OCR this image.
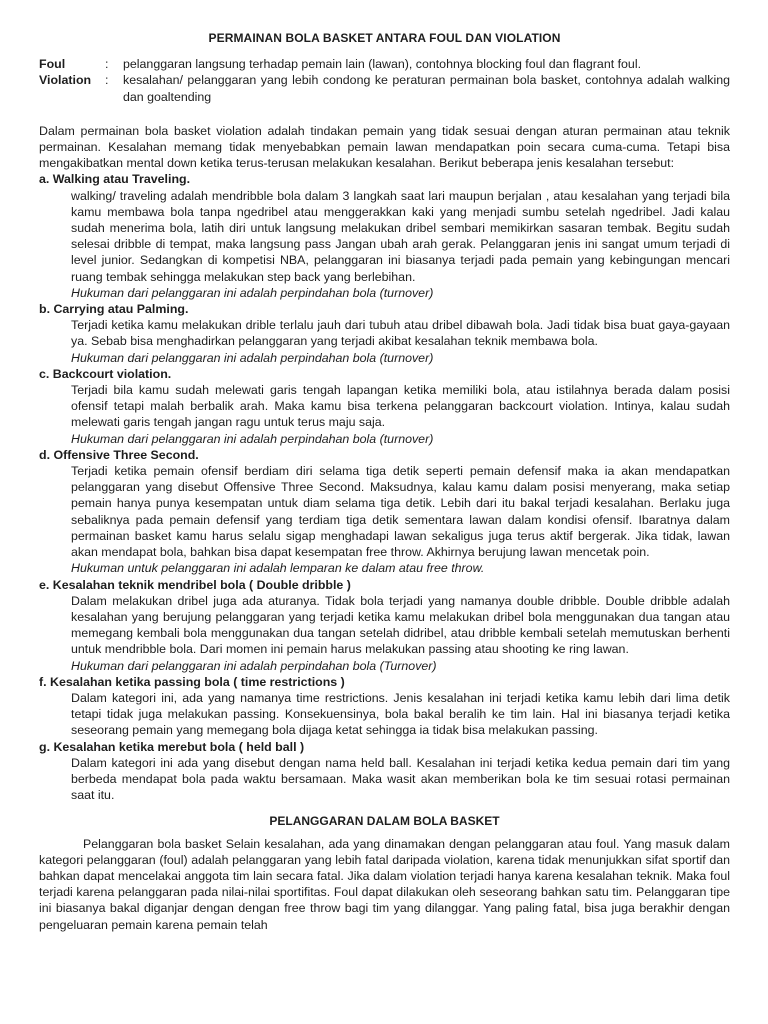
PERMAINAN BOLA BASKET ANTARA FOUL DAN VIOLATION
Foul	:	pelanggaran langsung terhadap pemain lain (lawan), contohnya blocking foul dan flagrant foul.
Violation	:	kesalahan/ pelanggaran yang lebih condong ke peraturan permainan bola basket, contohnya adalah walking dan goaltending

Dalam permainan bola basket violation adalah tindakan pemain yang tidak sesuai dengan aturan permainan atau teknik permainan. Kesalahan memang tidak menyebabkan pemain lawan mendapatkan poin secara cuma-cuma. Tetapi bisa mengakibatkan mental down ketika terus-terusan melakukan kesalahan. Berikut beberapa jenis kesalahan tersebut:

a. Walking atau Traveling.

walking/ traveling adalah mendribble bola dalam 3 langkah saat lari maupun berjalan , atau kesalahan yang terjadi bila kamu membawa bola tanpa ngedribel atau menggerakkan kaki yang menjadi sumbu setelah ngedribel. Jadi kalau sudah menerima bola, latih diri untuk langsung melakukan dribel sembari memikirkan sasaran tembak. Begitu sudah selesai dribble di tempat, maka langsung pass Jangan ubah arah gerak. Pelanggaran jenis ini sangat umum terjadi di level junior. Sedangkan di kompetisi NBA, pelanggaran ini biasanya terjadi pada pemain yang kebingungan mencari ruang tembak sehingga melakukan step back yang berlebihan.

Hukuman dari pelanggaran ini adalah perpindahan bola (turnover)

b. Carrying atau Palming.

Terjadi ketika kamu melakukan drible terlalu jauh dari tubuh atau dribel dibawah bola. Jadi tidak bisa buat gaya-gayaan ya. Sebab bisa menghadirkan pelanggaran yang terjadi akibat kesalahan teknik membawa bola.

Hukuman dari pelanggaran ini adalah perpindahan bola (turnover)

c. Backcourt violation.

Terjadi bila kamu sudah melewati garis tengah lapangan ketika memiliki bola, atau istilahnya berada dalam posisi ofensif tetapi malah berbalik arah. Maka kamu bisa terkena pelanggaran backcourt violation. Intinya, kalau sudah melewati garis tengah jangan ragu untuk terus maju saja.

Hukuman dari pelanggaran ini adalah perpindahan bola (turnover)

d. Offensive Three Second.

Terjadi ketika pemain ofensif berdiam diri selama tiga detik seperti pemain defensif maka ia akan mendapatkan pelanggaran yang disebut Offensive Three Second. Maksudnya, kalau kamu dalam posisi menyerang, maka setiap pemain hanya punya kesempatan untuk diam selama tiga detik. Lebih dari itu bakal terjadi kesalahan. Berlaku juga sebaliknya pada pemain defensif yang terdiam tiga detik sementara lawan dalam kondisi ofensif. Ibaratnya dalam permainan basket kamu harus selalu sigap menghadapi lawan sekaligus juga terus aktif bergerak. Jika tidak, lawan akan mendapat bola, bahkan bisa dapat kesempatan free throw. Akhirnya berujung lawan mencetak poin.

Hukuman untuk pelanggaran ini adalah lemparan ke dalam atau free throw.

e. Kesalahan teknik mendribel bola ( Double dribble )

Dalam melakukan dribel juga ada aturanya. Tidak bola terjadi yang namanya double dribble. Double dribble adalah kesalahan yang berujung pelanggaran yang terjadi ketika kamu melakukan dribel bola menggunakan dua tangan atau memegang kembali bola menggunakan dua tangan setelah didribel, atau dribble kembali setelah memutuskan berhenti untuk mendribble bola. Dari momen ini pemain harus melakukan passing atau shooting ke ring lawan.

Hukuman dari pelanggaran ini adalah perpindahan bola (Turnover)

f. Kesalahan ketika passing bola ( time restrictions )

Dalam kategori ini, ada yang namanya time restrictions. Jenis kesalahan ini terjadi ketika kamu lebih dari lima detik tetapi tidak juga melakukan passing. Konsekuensinya, bola bakal beralih ke tim lain. Hal ini biasanya terjadi ketika seseorang pemain yang memegang bola dijaga ketat sehingga ia tidak bisa melakukan passing.

g. Kesalahan ketika merebut bola ( held ball )

Dalam kategori ini ada yang disebut dengan nama held ball. Kesalahan ini terjadi ketika kedua pemain dari tim yang berbeda mendapat bola pada waktu bersamaan. Maka wasit akan memberikan bola ke tim sesuai rotasi permainan saat itu.

PELANGGARAN DALAM BOLA BASKET

Pelanggaran bola basket Selain kesalahan, ada yang dinamakan dengan pelanggaran atau foul. Yang masuk dalam kategori pelanggaran (foul) adalah pelanggaran yang lebih fatal daripada violation, karena tidak menunjukkan sifat sportif dan bahkan dapat mencelakai anggota tim lain secara fatal. Jika dalam violation terjadi hanya karena kesalahan teknik. Maka foul terjadi karena pelanggaran pada nilai-nilai sportifitas. Foul dapat dilakukan oleh seseorang bahkan satu tim. Pelanggaran tipe ini biasanya bakal diganjar dengan dengan free throw bagi tim yang dilanggar. Yang paling fatal, bisa juga berakhir dengan pengeluaran pemain karena pemain telah
